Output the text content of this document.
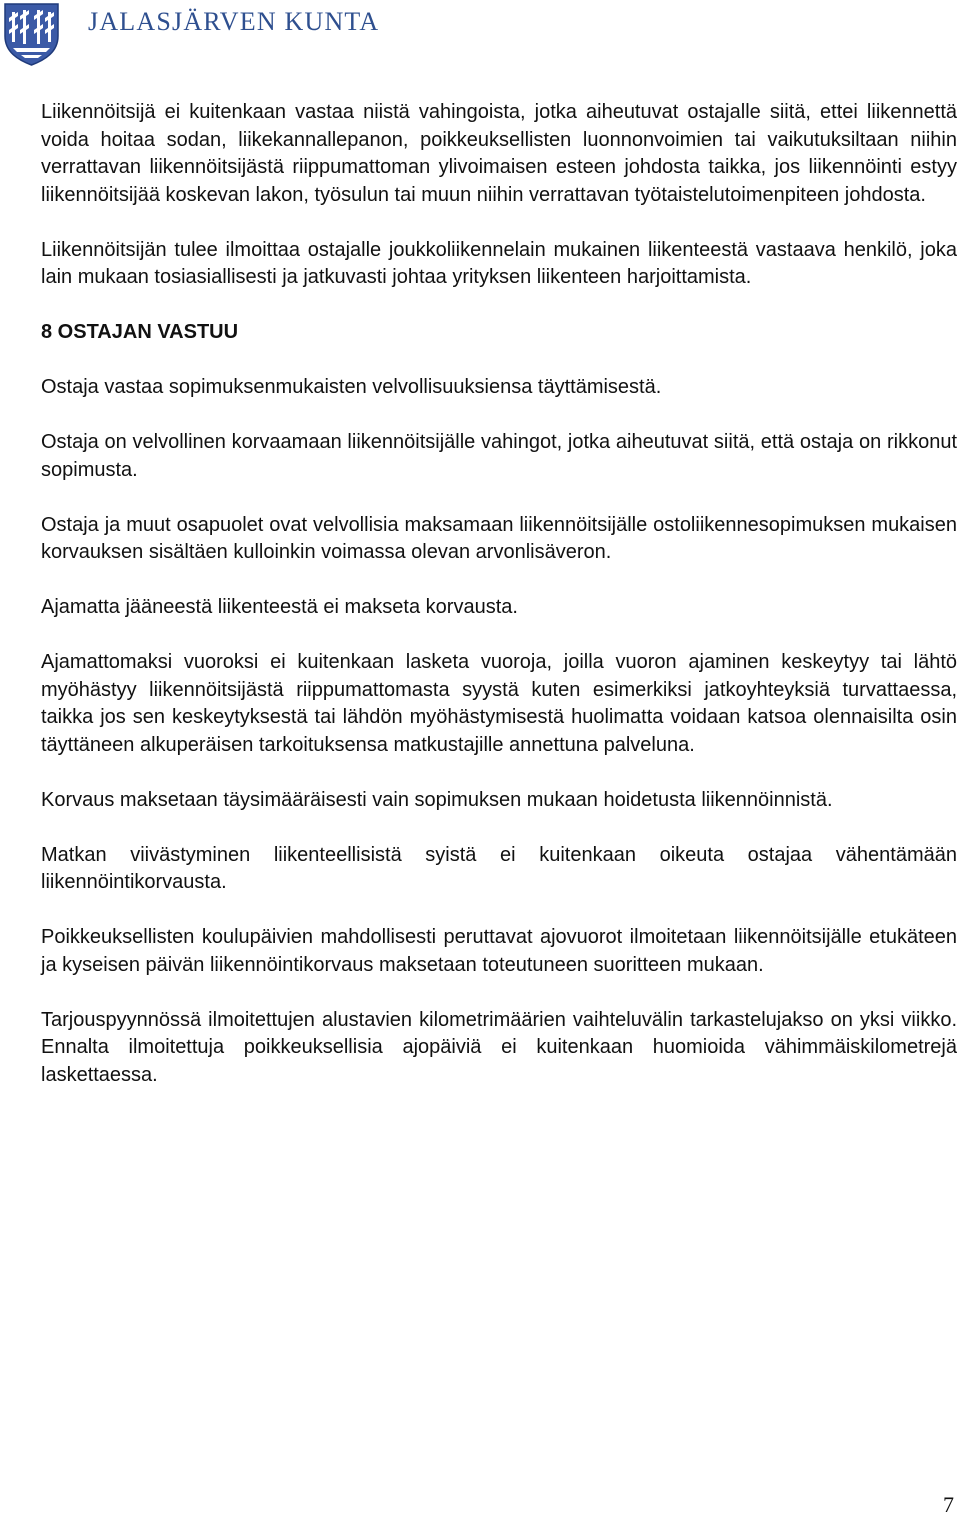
JALASJÄRVEN KUNTA

Liikennöitsijä ei kuitenkaan vastaa niistä vahingoista, jotka aiheutuvat ostajalle siitä, ettei liikennettä voida hoitaa sodan, liikekannallepanon, poikkeuksellisten luonnonvoimien tai vaikutuksiltaan niihin verrattavan liikennöitsijästä riippumattoman ylivoimaisen esteen johdosta taikka, jos liikennöinti estyy liikennöitsijää koskevan lakon, työsulun tai muun niihin verrattavan työtaistelutoimenpiteen johdosta.

Liikennöitsijän tulee ilmoittaa ostajalle joukkoliikennelain mukainen liikenteestä vastaava henkilö, joka lain mukaan tosiasiallisesti ja jatkuvasti johtaa yrityksen liikenteen harjoittamista.

8 OSTAJAN VASTUU

Ostaja vastaa sopimuksenmukaisten velvollisuuksiensa täyttämisestä.

Ostaja on velvollinen korvaamaan liikennöitsijälle vahingot, jotka aiheutuvat siitä, että ostaja on rikkonut sopimusta.

Ostaja ja muut osapuolet ovat velvollisia maksamaan liikennöitsijälle ostoliikennesopimuksen mukaisen korvauksen sisältäen kulloinkin voimassa olevan arvonlisäveron.

Ajamatta jääneestä liikenteestä ei makseta korvausta.

Ajamattomaksi vuoroksi ei kuitenkaan lasketa vuoroja, joilla vuoron ajaminen keskeytyy tai lähtö myöhästyy liikennöitsijästä riippumattomasta syystä kuten esimerkiksi jatkoyhteyksiä turvattaessa, taikka jos sen keskeytyksestä tai lähdön myöhästymisestä huolimatta voidaan katsoa olennaisilta osin täyttäneen alkuperäisen tarkoituksensa matkustajille annettuna palveluna.

Korvaus maksetaan täysimääräisesti vain sopimuksen mukaan hoidetusta liikennöinnistä.

Matkan viivästyminen liikenteellisistä syistä ei kuitenkaan oikeuta ostajaa vähentämään liikennöintikorvausta.

Poikkeuksellisten koulupäivien mahdollisesti peruttavat ajovuorot ilmoitetaan liikennöitsijälle etukäteen ja kyseisen päivän liikennöintikorvaus maksetaan toteutuneen suoritteen mukaan.

Tarjouspyynnössä ilmoitettujen alustavien kilometrimäärien vaihteluvälin tarkastelujakso on yksi viikko. Ennalta ilmoitettuja poikkeuksellisia ajopäiviä ei kuitenkaan huomioida vähimmäiskilometrejä laskettaessa.

7
